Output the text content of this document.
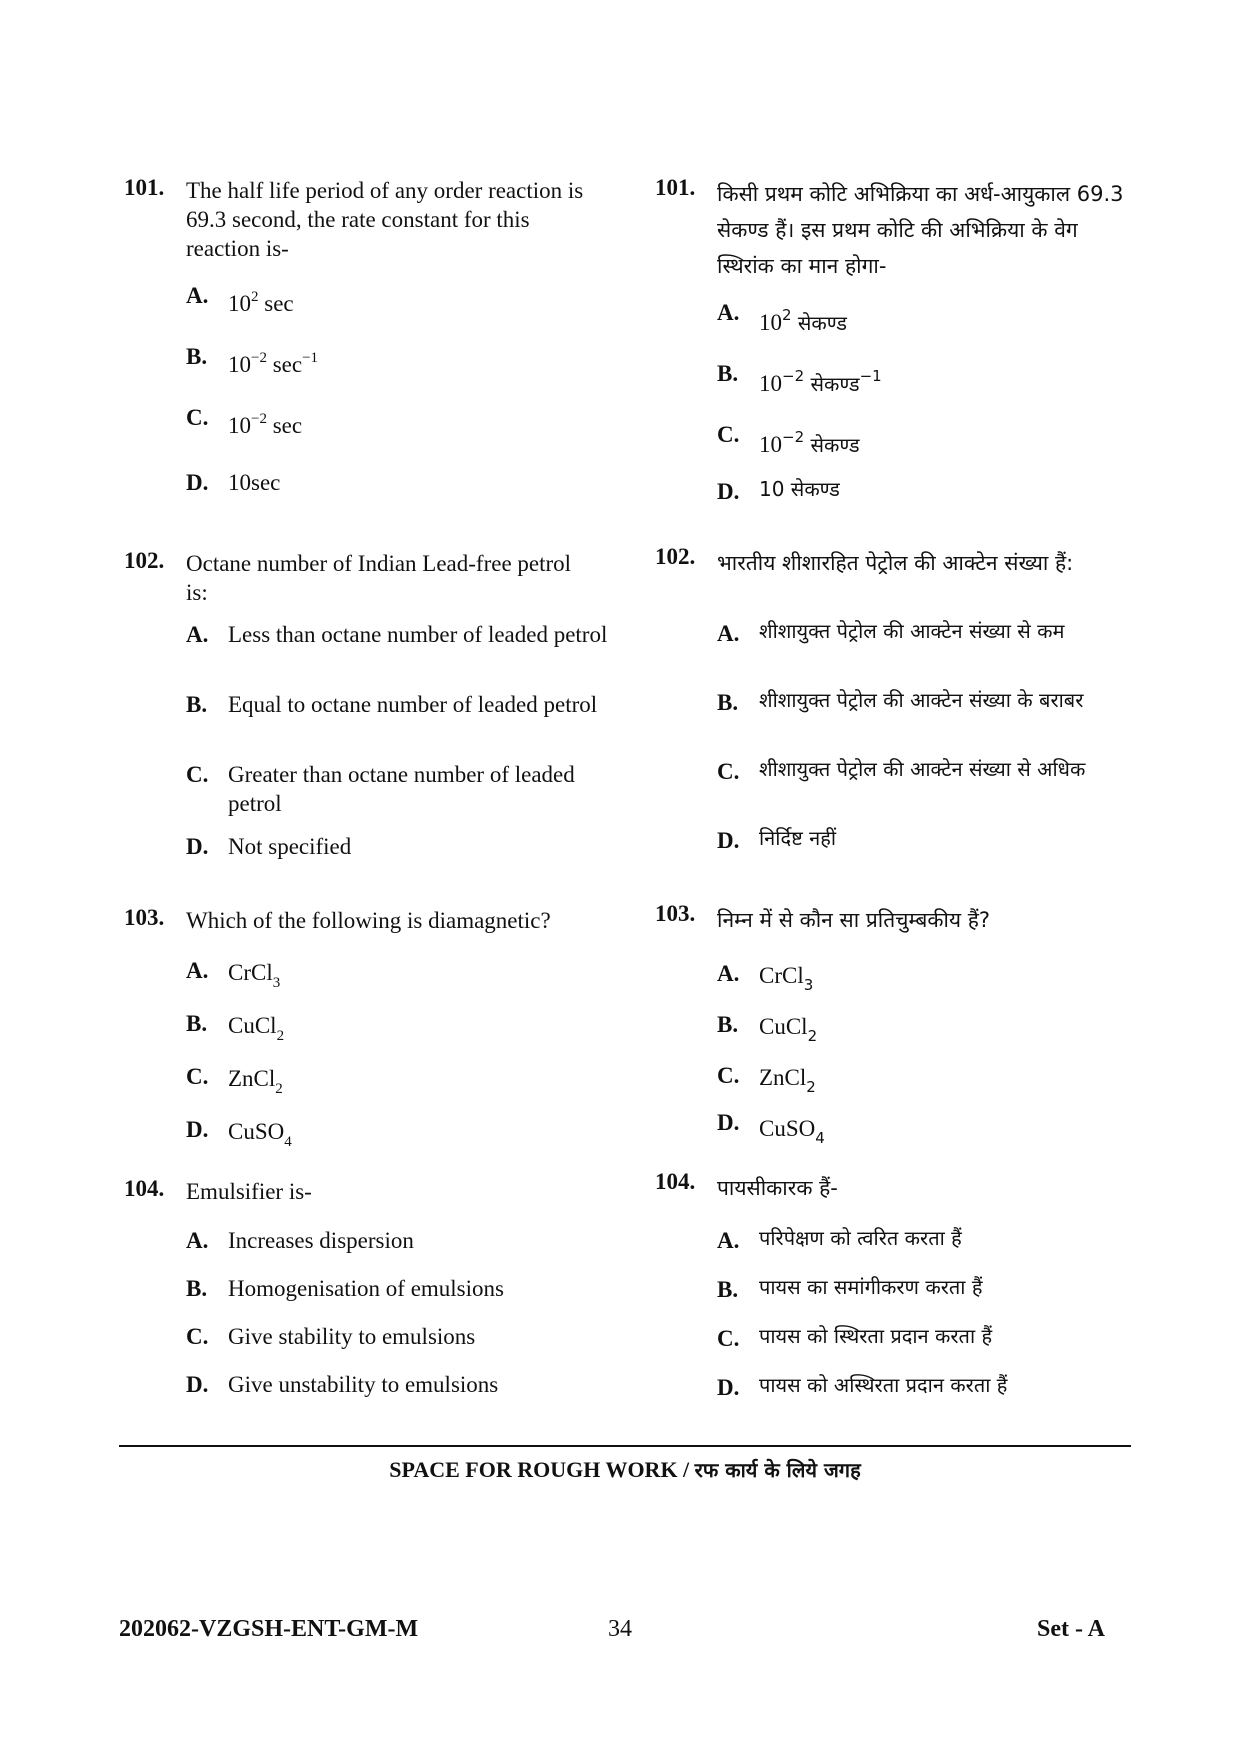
101. The half life period of any order reaction is 69.3 second, the rate constant for this reaction is-
A. $10^2$ sec
B. $10^{-2}$ $\sec^{-1}$
C. $10^{-2}$ sec
D. 10sec
102. Octane number of Indian Lead-free petrol is:
A. Less than octane number of leaded petrol
B. Equal to octane number of leaded petrol
C. Greater than octane number of leaded petrol
D. Not specified
103. Which of the following is diamagnetic?
A. CrCl$_3$
B. CuCl$_2$
C. ZnCl$_2$
D. CuSO$_4$
104. Emulsifier is-
A. Increases dispersion
B. Homogenisation of emulsions
C. Give stability to emulsions
D. Give unstability to emulsions
101. किसी प्रथम कोटि अभिक्रिया का अर्ध-आयुकाल 69.3 सेकण्ड हैं। इस प्रथम कोटि की अभिक्रिया के वेग स्थिरांक का मान होगा-
A. $10^2$ सेकण्ड
B. $10^{-2}$ सेकण्ड$^{-1}$
C. $10^{-2}$ सेकण्ड
D. 10 सेकण्ड
102. भारतीय शीशारहित पेट्रोल की आक्टेन संख्या हैं:
A. शीशायुक्त पेट्रोल की आक्टेन संख्या से कम
B. शीशायुक्त पेट्रोल की आक्टेन संख्या के बराबर
C. शीशायुक्त पेट्रोल की आक्टेन संख्या से अधिक
D. निर्दिष्ट नहीं
103. निम्न में से कौन सा प्रतिचुम्बकीय हैं?
A. CrCl$_3$
B. CuCl$_2$
C. ZnCl$_2$
D. CuSO$_4$
104. पायसीकारक हैं-
A. परिपेक्षण को त्वरित करता हैं
B. पायस का समांगीकरण करता हैं
C. पायस को स्थिरता प्रदान करता हैं
D. पायस को अस्थिरता प्रदान करता हैं
SPACE FOR ROUGH WORK / रफ कार्य के लिये जगह
202062-VZGSH-ENT-GM-M	34	Set - A
